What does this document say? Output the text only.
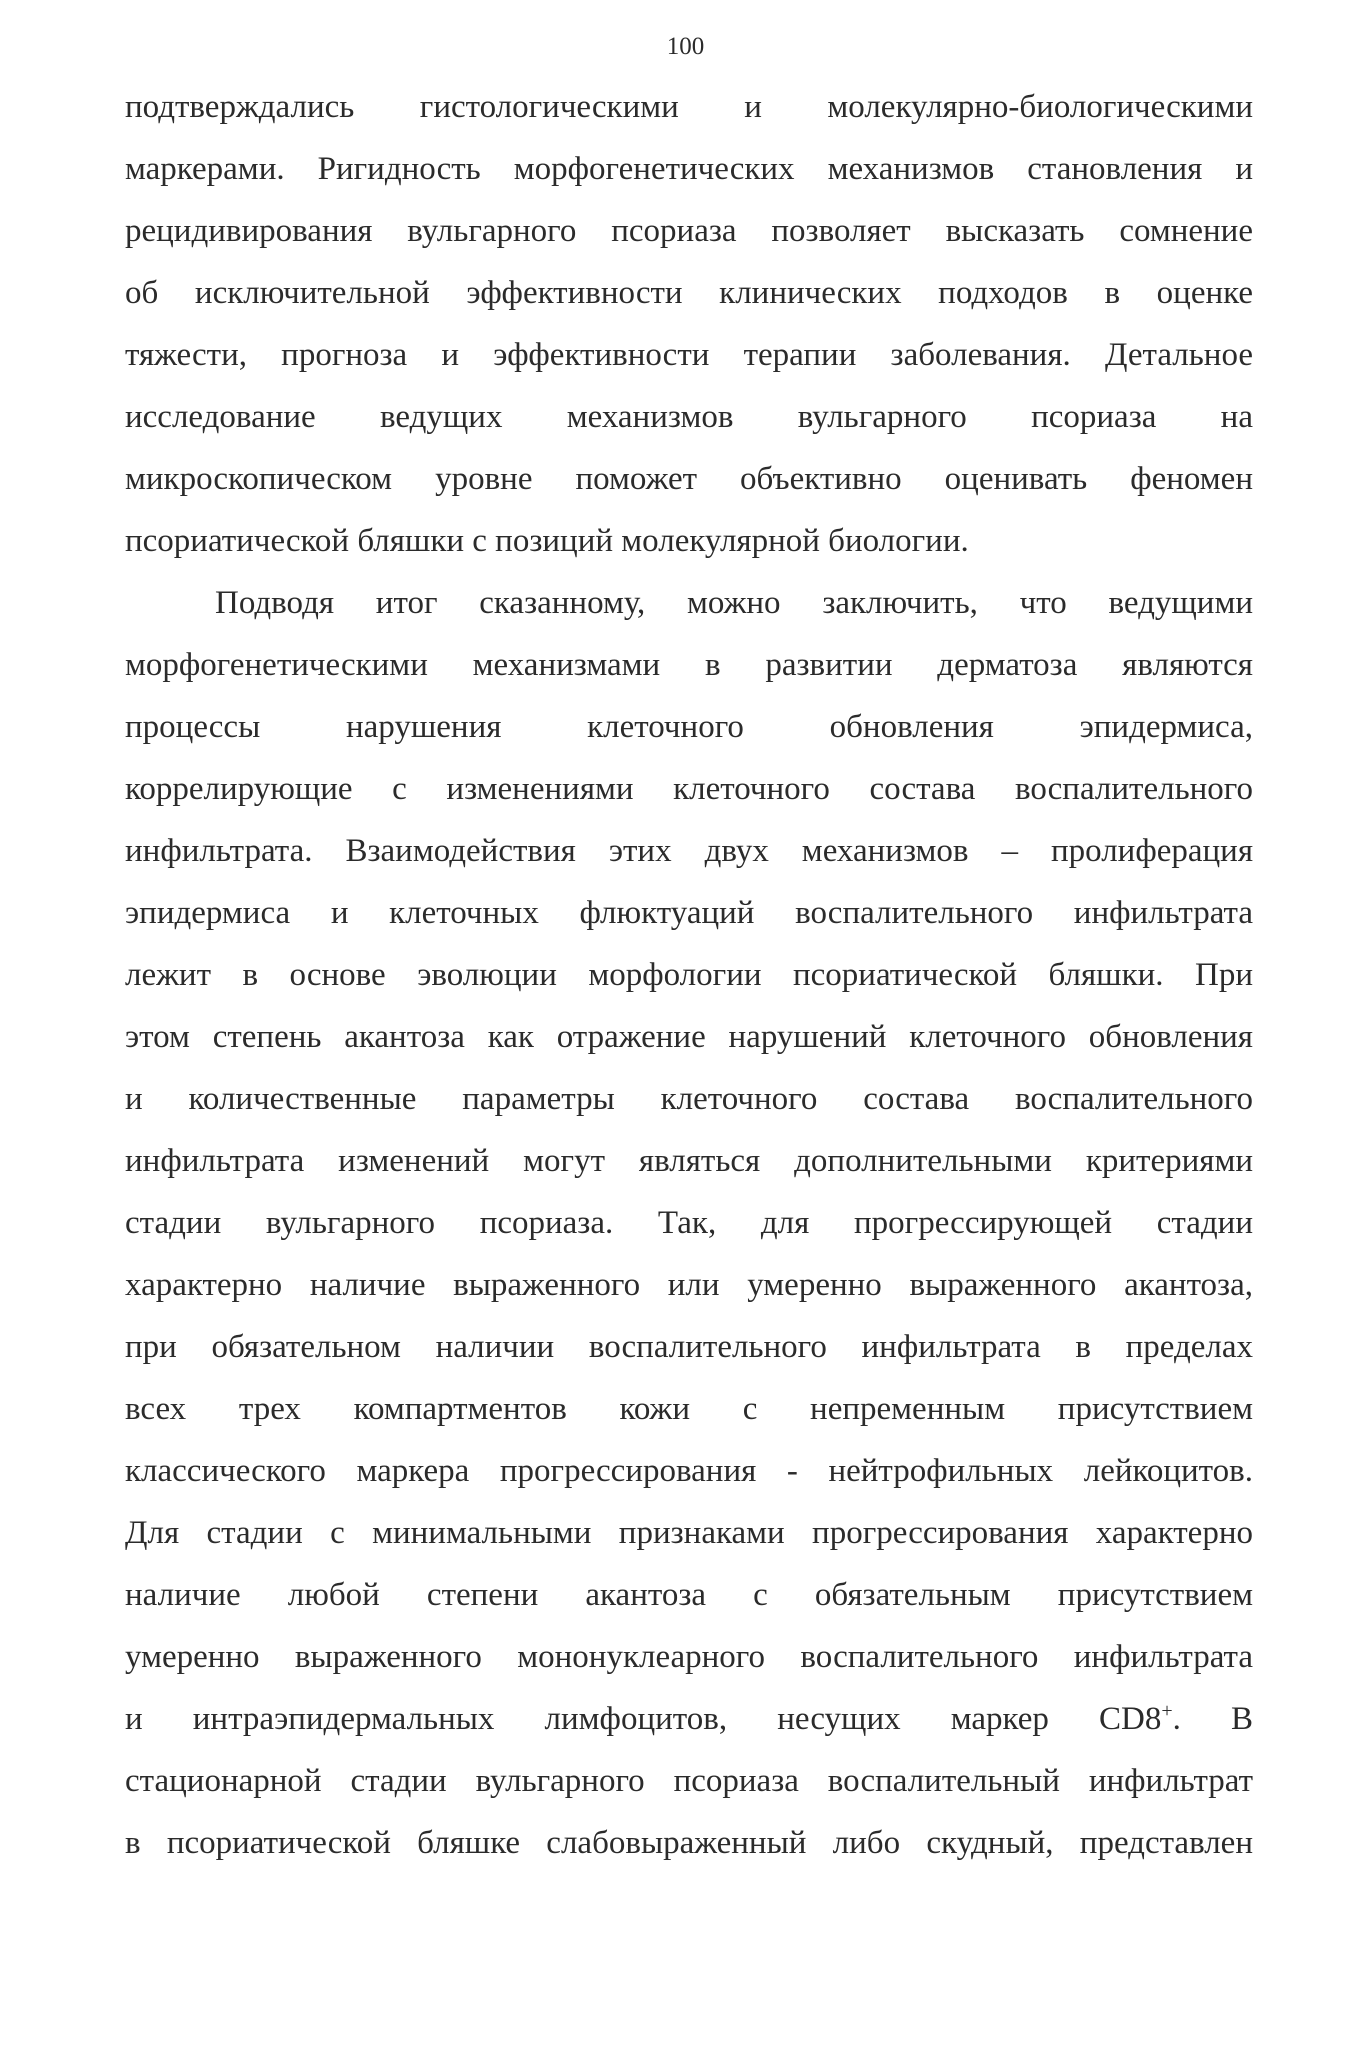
100
подтверждались гистологическими и молекулярно-биологическими
маркерами. Ригидность морфогенетических механизмов становления и
рецидивирования вульгарного псориаза позволяет высказать сомнение
об исключительной эффективности клинических подходов в оценке
тяжести, прогноза и эффективности терапии заболевания. Детальное
исследование ведущих механизмов вульгарного псориаза на
микроскопическом уровне поможет объективно оценивать феномен
псориатической бляшки с позиций молекулярной биологии.
Подводя итог сказанному, можно заключить, что ведущими
морфогенетическими механизмами в развитии дерматоза являются
процессы нарушения клеточного обновления эпидермиса,
коррелирующие с изменениями клеточного состава воспалительного
инфильтрата. Взаимодействия этих двух механизмов – пролиферация
эпидермиса и клеточных флюктуаций воспалительного инфильтрата
лежит в основе эволюции морфологии псориатической бляшки. При
этом степень акантоза как отражение нарушений клеточного обновления
и количественные параметры клеточного состава воспалительного
инфильтрата изменений могут являться дополнительными критериями
стадии вульгарного псориаза. Так, для прогрессирующей стадии
характерно наличие выраженного или умеренно выраженного акантоза,
при обязательном наличии воспалительного инфильтрата в пределах
всех трех компартментов кожи с непременным присутствием
классического маркера прогрессирования - нейтрофильных лейкоцитов.
Для стадии с минимальными признаками прогрессирования характерно
наличие любой степени акантоза с обязательным присутствием
умеренно выраженного мононуклеарного воспалительного инфильтрата
и интраэпидермальных лимфоцитов, несущих маркер CD8+. В
стационарной стадии вульгарного псориаза воспалительный инфильтрат
в псориатической бляшке слабовыраженный либо скудный, представлен
